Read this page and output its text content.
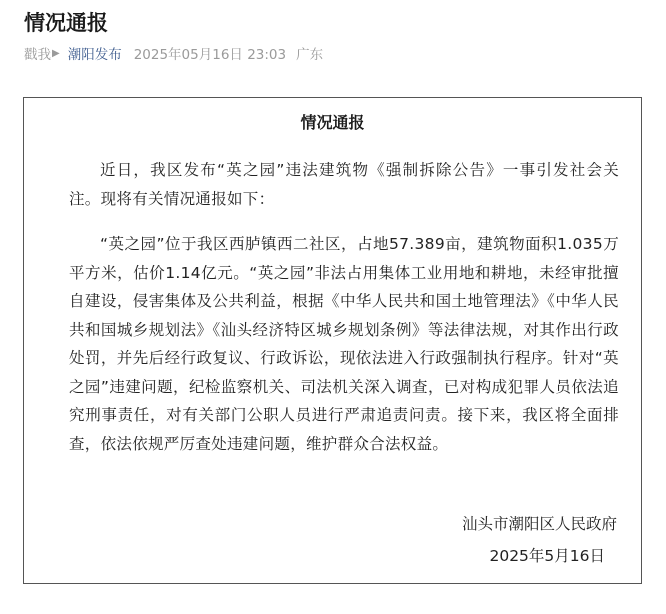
情况通报
戳我 ▶ 潮阳发布 2025年05月16日 23:03 广东
情况通报
近日，我区发布“英之园”违法建筑物《强制拆除公告》一事引发社会关注。现将有关情况通报如下：
“英之园”位于我区西胪镇西二社区，占地57.389亩，建筑物面积1.035万平方米，估价1.14亿元。“英之园”非法占用集体工业用地和耕地，未经审批擅自建设，侵害集体及公共利益，根据《中华人民共和国土地管理法》《中华人民共和国城乡规划法》《汕头经济特区城乡规划条例》等法律法规，对其作出行政处罚，并先后经行政复议、行政诉讼，现依法进入行政强制执行程序。针对“英之园”违建问题，纪检监察机关、司法机关深入调查，已对构成犯罪人员依法追究刑事责任，对有关部门公职人员进行严肃追责问责。接下来，我区将全面排查，依法依规严厉查处违建问题，维护群众合法权益。
汕头市潮阳区人民政府
2025年5月16日
